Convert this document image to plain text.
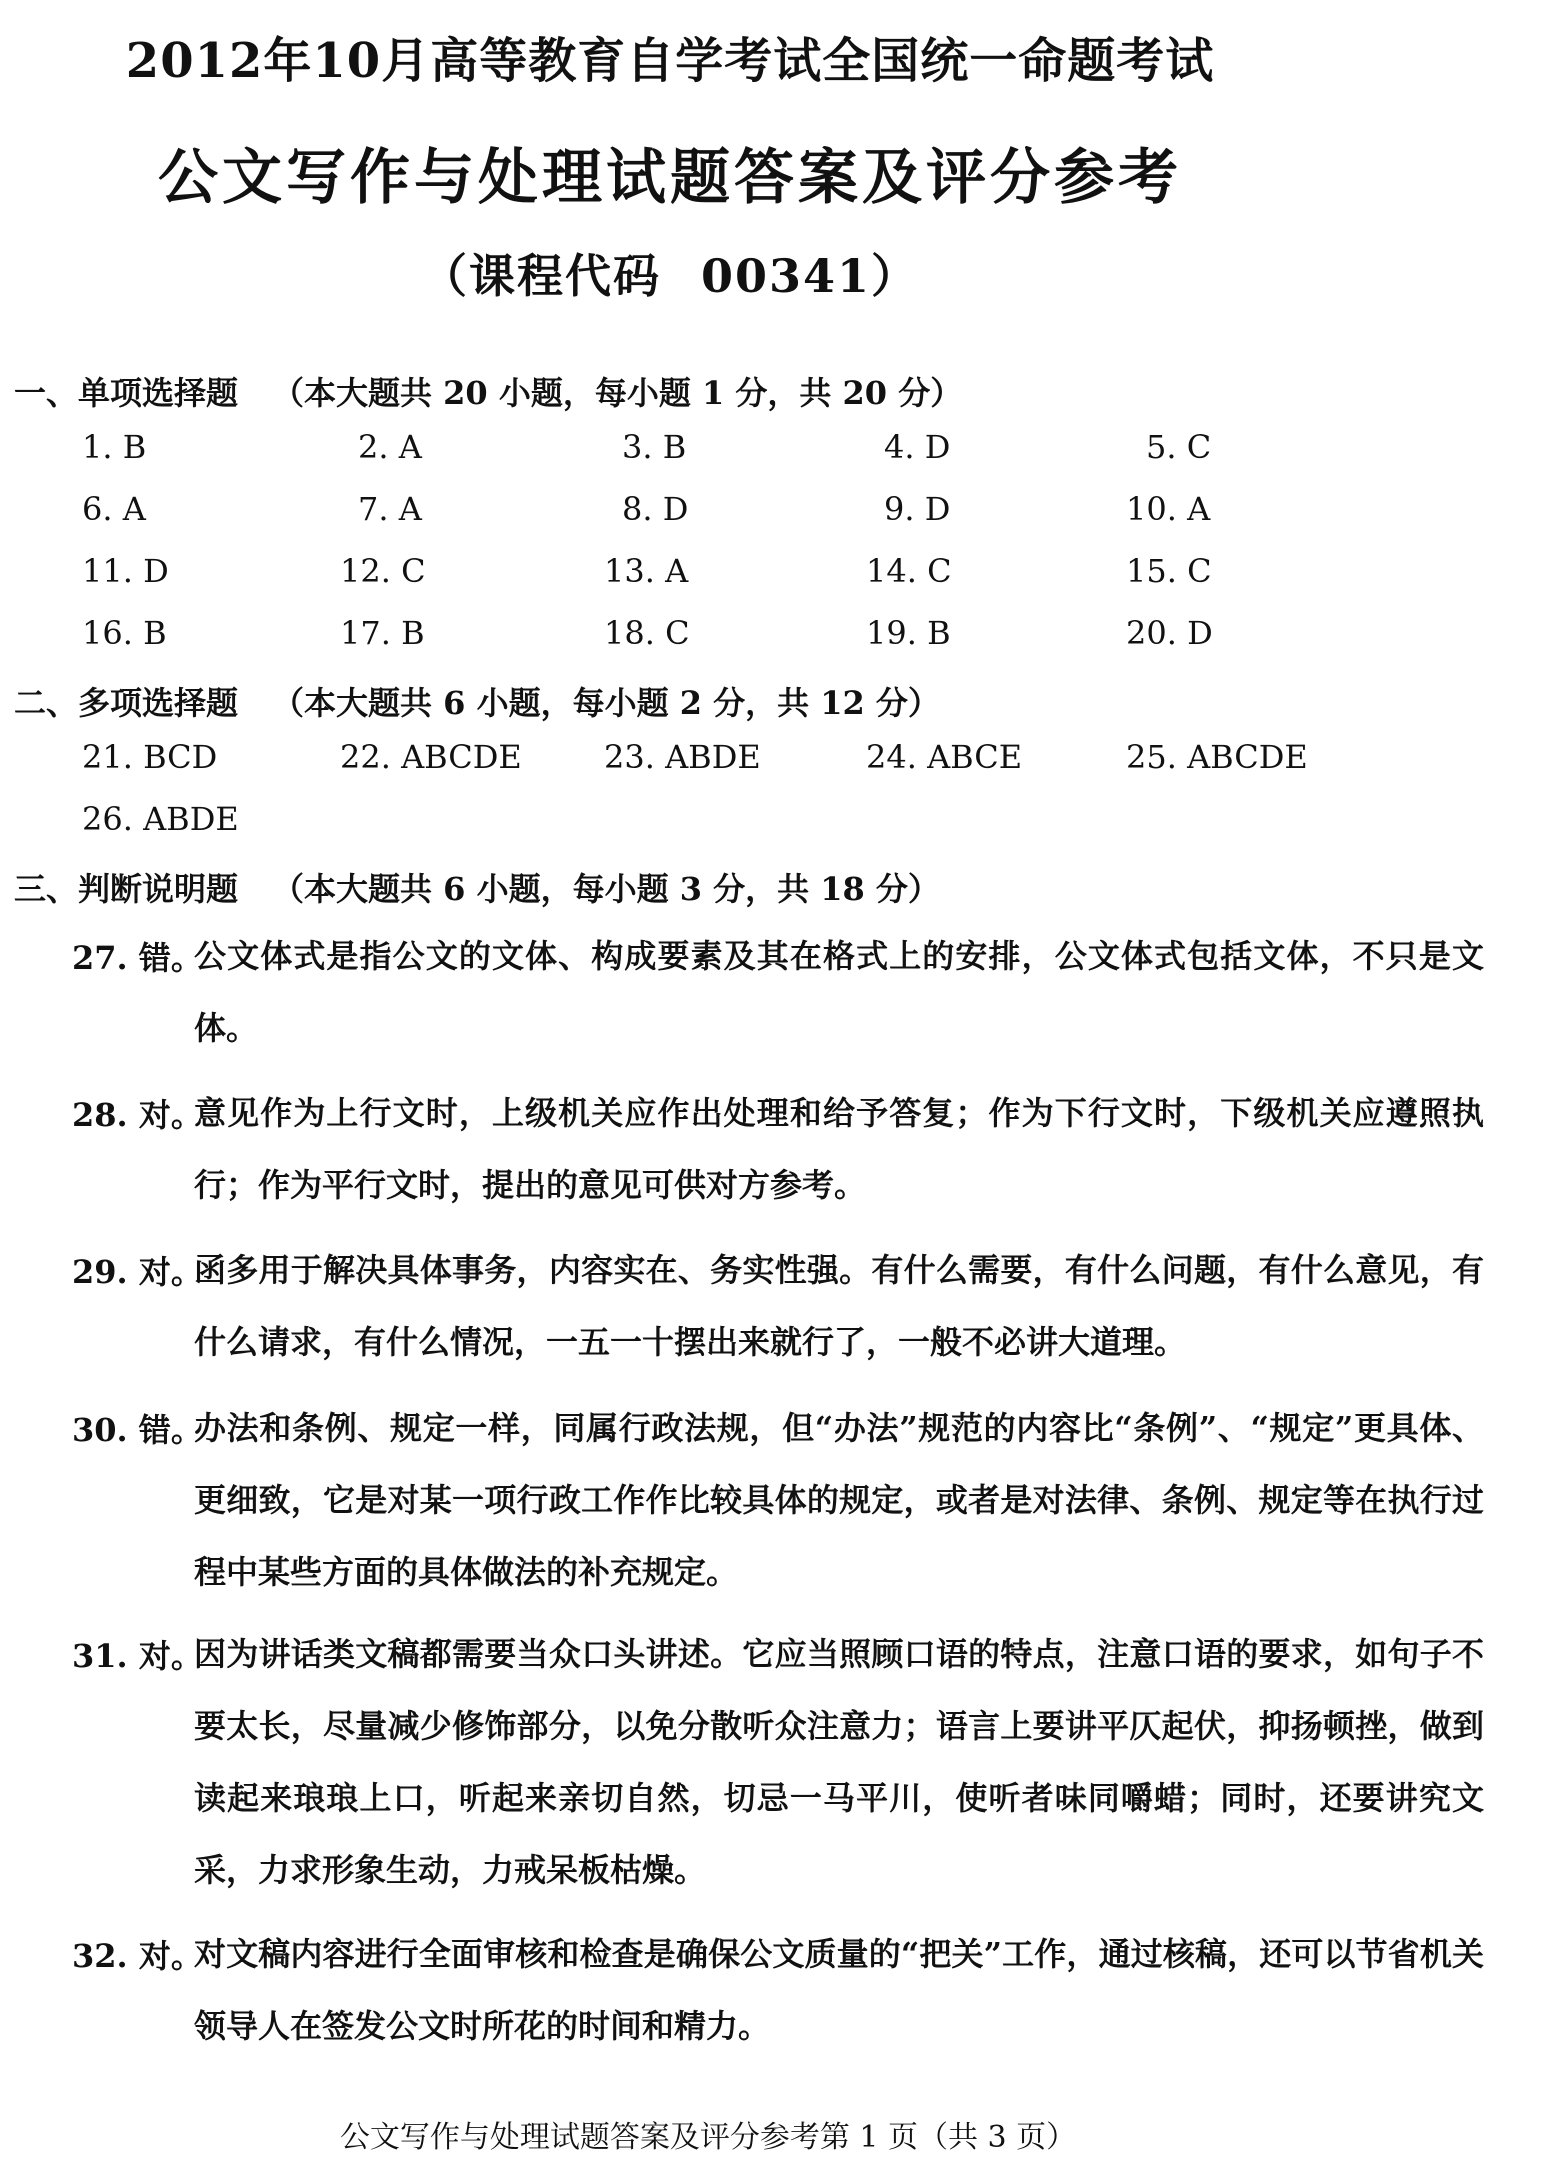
2012年10月高等教育自学考试全国统一命题考试
公文写作与处理试题答案及评分参考
（课程代码 00341）
一、单项选择题 （本大题共 20 小题，每小题 1 分，共 20 分）
1. B	2. A	3. B	4. D	5. C
6. A	7. A	8. D	9. D	10. A
11. D	12. C	13. A	14. C	15. C
16. B	17. B	18. C	19. B	20. D
二、多项选择题 （本大题共 6 小题，每小题 2 分，共 12 分）
21. BCD	22. ABCDE	23. ABDE	24. ABCE	25. ABCDE
26. ABDE
三、判断说明题 （本大题共 6 小题，每小题 3 分，共 18 分）
27. 错。
公文体式是指公文的文体、构成要素及其在格式上的安排，公文体式包括文体，不只是文体。
28. 对。
意见作为上行文时，上级机关应作出处理和给予答复；作为下行文时，下级机关应遵照执行；作为平行文时，提出的意见可供对方参考。
29. 对。
函多用于解决具体事务，内容实在、务实性强。有什么需要，有什么问题，有什么意见，有什么请求，有什么情况，一五一十摆出来就行了，一般不必讲大道理。
30. 错。
办法和条例、规定一样，同属行政法规，但“办法”规范的内容比“条例”、“规定”更具体、更细致，它是对某一项行政工作作比较具体的规定，或者是对法律、条例、规定等在执行过程中某些方面的具体做法的补充规定。
31. 对。
因为讲话类文稿都需要当众口头讲述。它应当照顾口语的特点，注意口语的要求，如句子不要太长，尽量减少修饰部分，以免分散听众注意力；语言上要讲平仄起伏，抑扬顿挫，做到读起来琅琅上口，听起来亲切自然，切忌一马平川，使听者味同嚼蜡；同时，还要讲究文采，力求形象生动，力戒呆板枯燥。
32. 对。
对文稿内容进行全面审核和检查是确保公文质量的“把关”工作，通过核稿，还可以节省机关领导人在签发公文时所花的时间和精力。
公文写作与处理试题答案及评分参考第 1 页（共 3 页）
